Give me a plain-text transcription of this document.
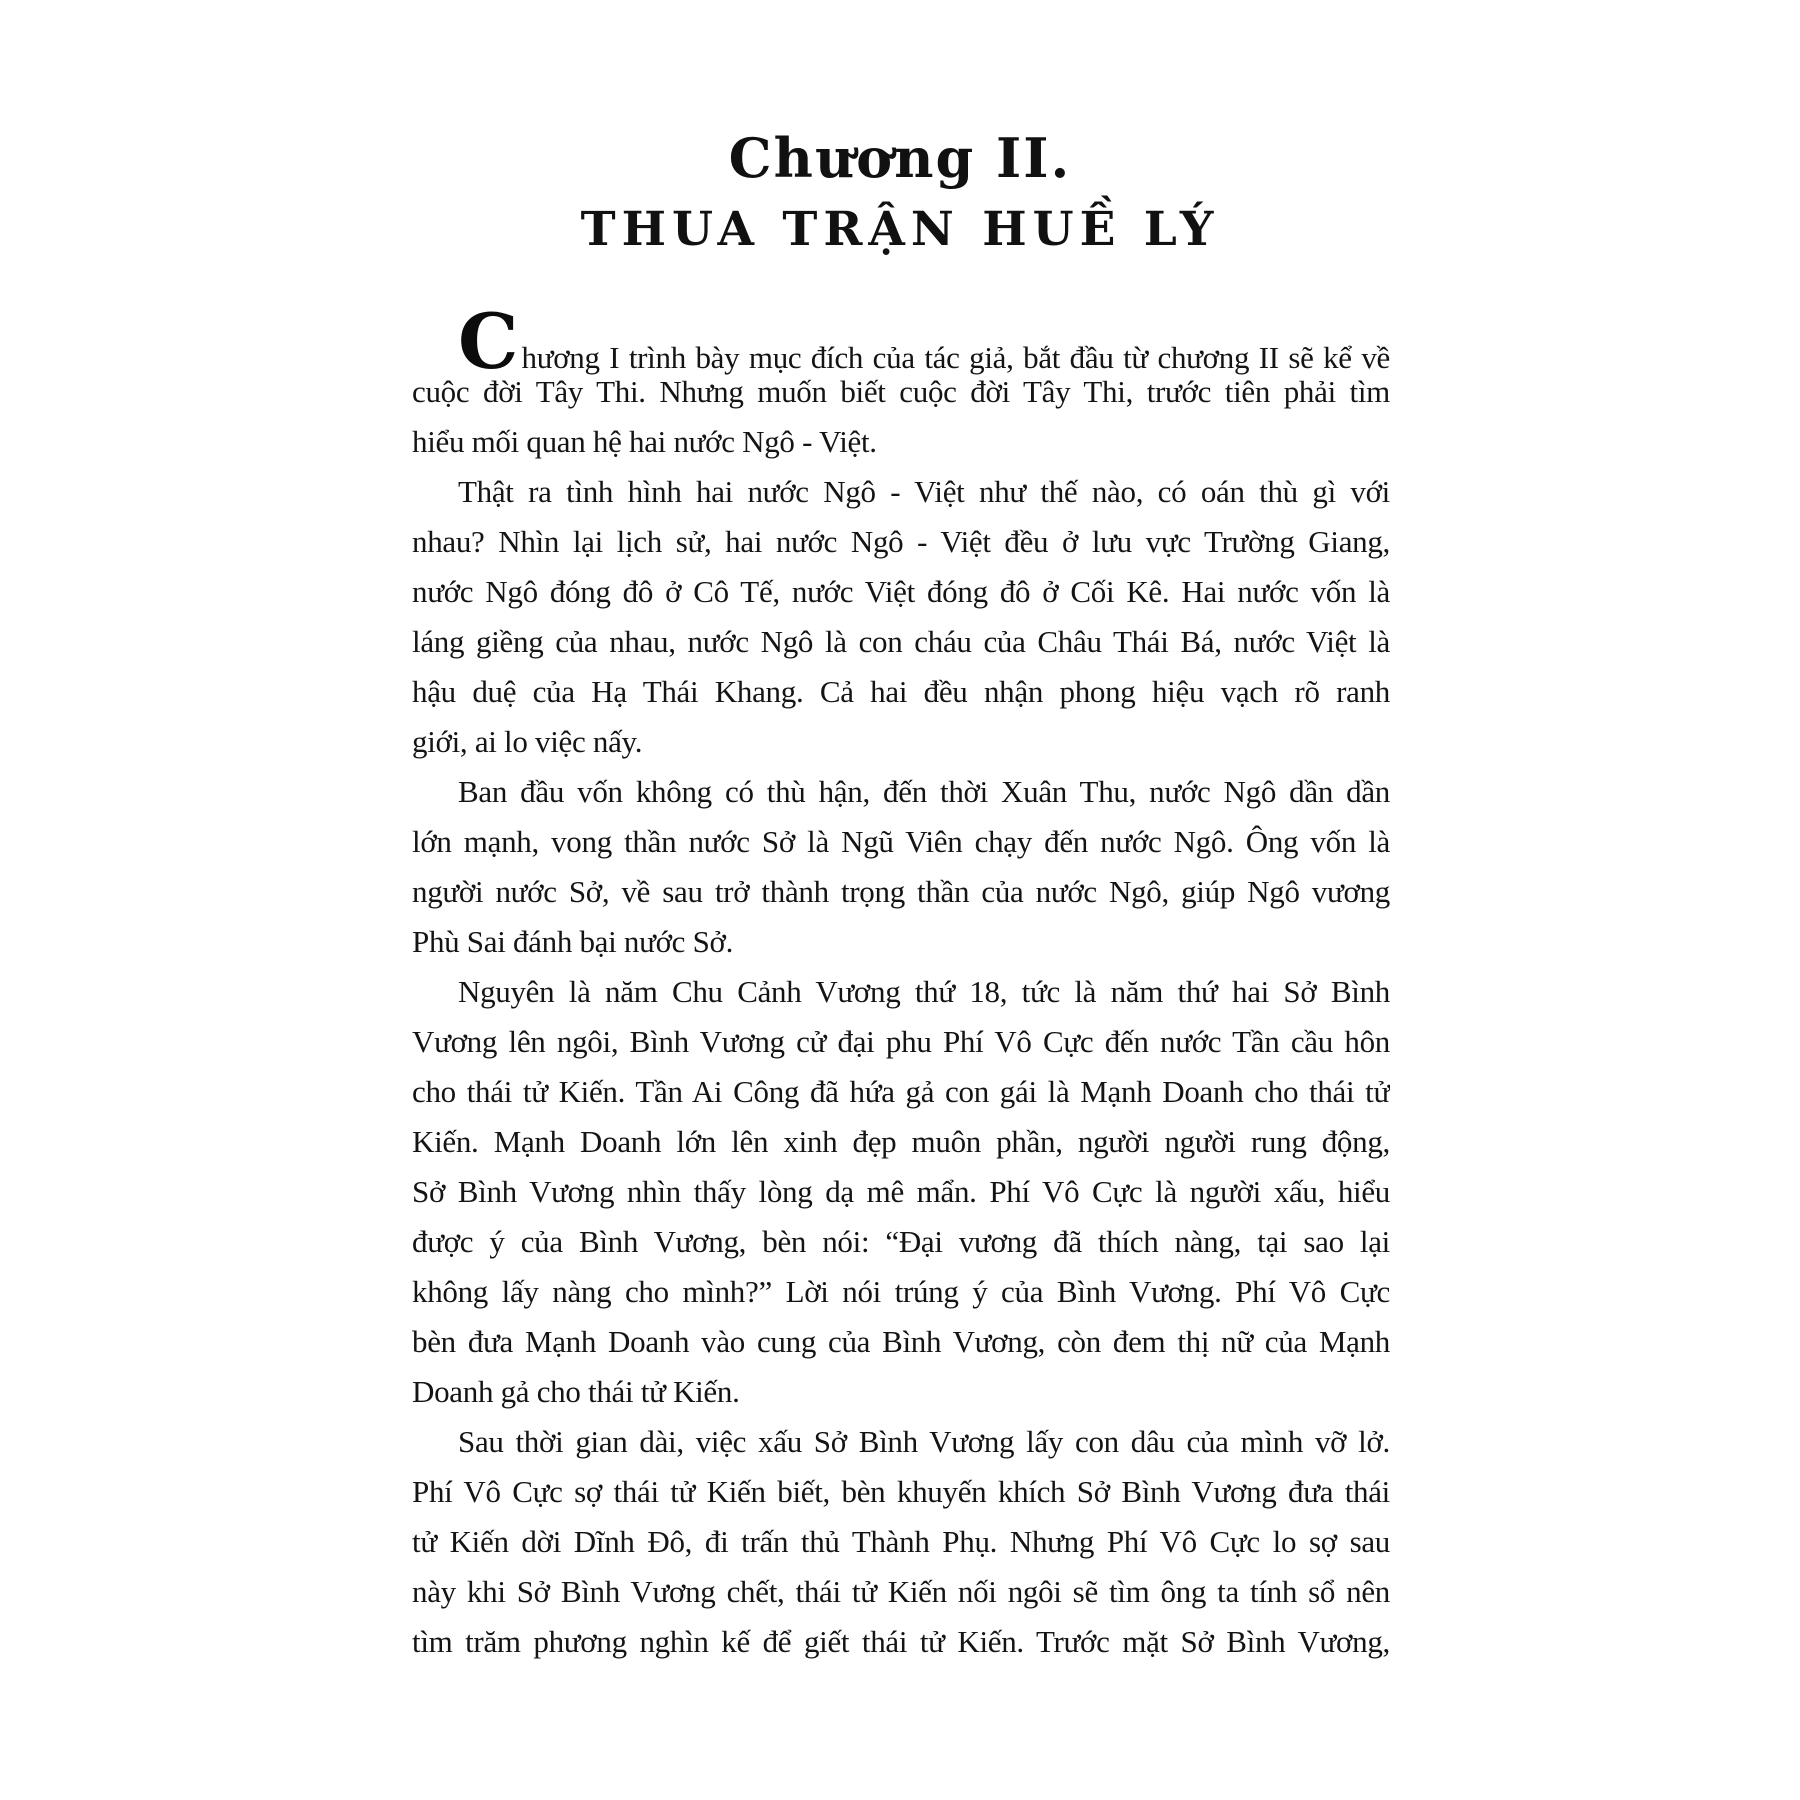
Chương II.
THUA TRẬN HUỀ LÝ
Chương I trình bày mục đích của tác giả, bắt đầu từ chương II sẽ kể về
cuộc đời Tây Thi. Nhưng muốn biết cuộc đời Tây Thi, trước tiên phải tìm
hiểu mối quan hệ hai nước Ngô - Việt.
Thật ra tình hình hai nước Ngô - Việt như thế nào, có oán thù gì với
nhau? Nhìn lại lịch sử, hai nước Ngô - Việt đều ở lưu vực Trường Giang,
nước Ngô đóng đô ở Cô Tế, nước Việt đóng đô ở Cối Kê. Hai nước vốn là
láng giềng của nhau, nước Ngô là con cháu của Châu Thái Bá, nước Việt là
hậu duệ của Hạ Thái Khang. Cả hai đều nhận phong hiệu vạch rõ ranh
giới, ai lo việc nấy.
Ban đầu vốn không có thù hận, đến thời Xuân Thu, nước Ngô dần dần
lớn mạnh, vong thần nước Sở là Ngũ Viên chạy đến nước Ngô. Ông vốn là
người nước Sở, về sau trở thành trọng thần của nước Ngô, giúp Ngô vương
Phù Sai đánh bại nước Sở.
Nguyên là năm Chu Cảnh Vương thứ 18, tức là năm thứ hai Sở Bình
Vương lên ngôi, Bình Vương cử đại phu Phí Vô Cực đến nước Tần cầu hôn
cho thái tử Kiến. Tần Ai Công đã hứa gả con gái là Mạnh Doanh cho thái tử
Kiến. Mạnh Doanh lớn lên xinh đẹp muôn phần, người người rung động,
Sở Bình Vương nhìn thấy lòng dạ mê mẩn. Phí Vô Cực là người xấu, hiểu
được ý của Bình Vương, bèn nói: “Đại vương đã thích nàng, tại sao lại
không lấy nàng cho mình?” Lời nói trúng ý của Bình Vương. Phí Vô Cực
bèn đưa Mạnh Doanh vào cung của Bình Vương, còn đem thị nữ của Mạnh
Doanh gả cho thái tử Kiến.
Sau thời gian dài, việc xấu Sở Bình Vương lấy con dâu của mình vỡ lở.
Phí Vô Cực sợ thái tử Kiến biết, bèn khuyến khích Sở Bình Vương đưa thái
tử Kiến dời Dĩnh Đô, đi trấn thủ Thành Phụ. Nhưng Phí Vô Cực lo sợ sau
này khi Sở Bình Vương chết, thái tử Kiến nối ngôi sẽ tìm ông ta tính sổ nên
tìm trăm phương nghìn kế để giết thái tử Kiến. Trước mặt Sở Bình Vương,
